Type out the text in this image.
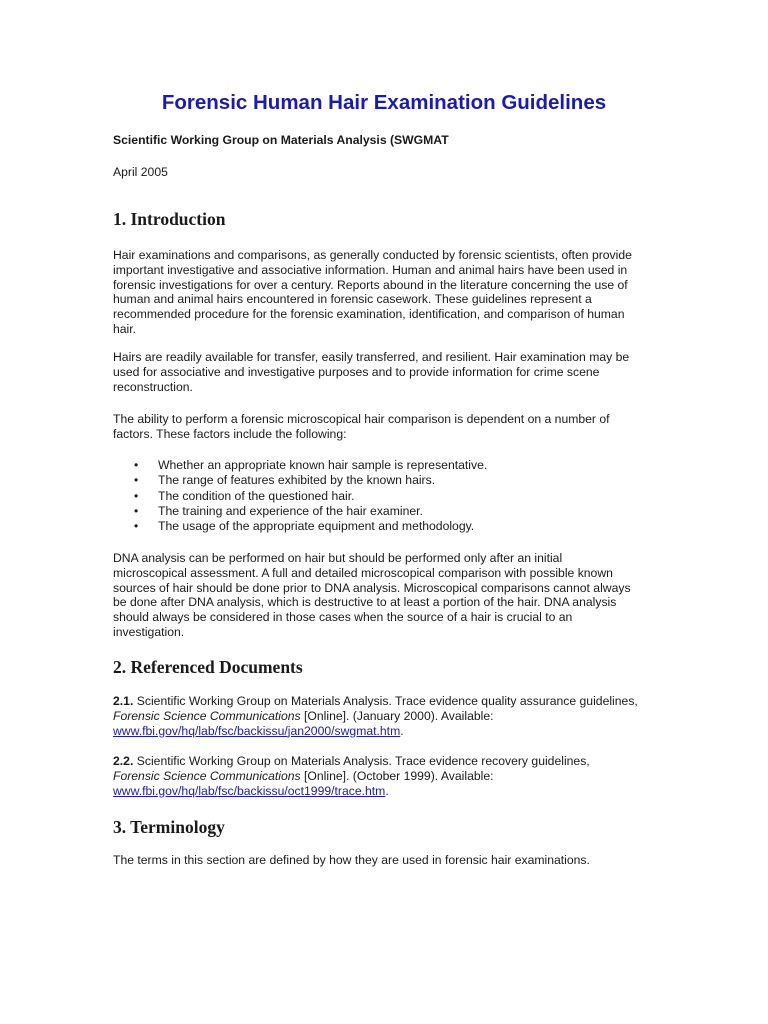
Forensic Human Hair Examination Guidelines

Scientific Working Group on Materials Analysis (SWGMAT

April 2005

1. Introduction

Hair examinations and comparisons, as generally conducted by forensic scientists, often provide
important investigative and associative information. Human and animal hairs have been used in
forensic investigations for over a century. Reports abound in the literature concerning the use of
human and animal hairs encountered in forensic casework. These guidelines represent a
recommended procedure for the forensic examination, identification, and comparison of human
hair.

Hairs are readily available for transfer, easily transferred, and resilient. Hair examination may be
used for associative and investigative purposes and to provide information for crime scene
reconstruction.

The ability to perform a forensic microscopical hair comparison is dependent on a number of
factors. These factors include the following:

• Whether an appropriate known hair sample is representative.
• The range of features exhibited by the known hairs.
• The condition of the questioned hair.
• The training and experience of the hair examiner.
• The usage of the appropriate equipment and methodology.

DNA analysis can be performed on hair but should be performed only after an initial
microscopical assessment. A full and detailed microscopical comparison with possible known
sources of hair should be done prior to DNA analysis. Microscopical comparisons cannot always
be done after DNA analysis, which is destructive to at least a portion of the hair. DNA analysis
should always be considered in those cases when the source of a hair is crucial to an
investigation.

2. Referenced Documents

2.1. Scientific Working Group on Materials Analysis. Trace evidence quality assurance guidelines,
Forensic Science Communications [Online]. (January 2000). Available:
www.fbi.gov/hq/lab/fsc/backissu/jan2000/swgmat.htm.

2.2. Scientific Working Group on Materials Analysis. Trace evidence recovery guidelines,
Forensic Science Communications [Online]. (October 1999). Available:
www.fbi.gov/hq/lab/fsc/backissu/oct1999/trace.htm.

3. Terminology

The terms in this section are defined by how they are used in forensic hair examinations.
